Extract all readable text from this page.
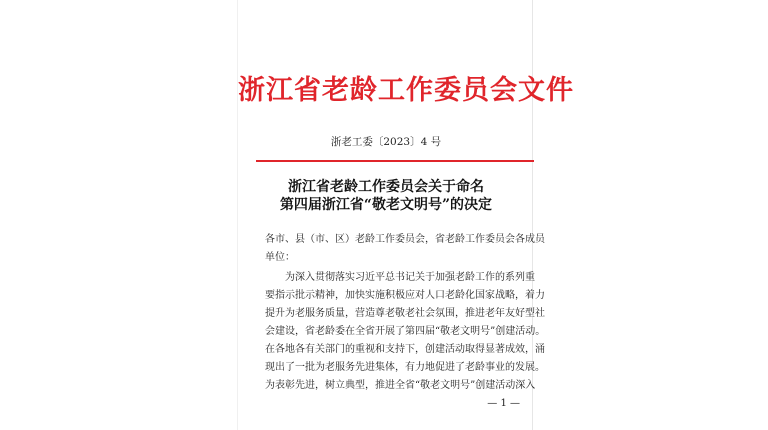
浙江省老龄工作委员会文件
浙老工委〔2023〕4 号
浙江省老龄工作委员会关于命名
第四届浙江省“敬老文明号”的决定
各市、县（市、区）老龄工作委员会，省老龄工作委员会各成员
单位：
　　为深入贯彻落实习近平总书记关于加强老龄工作的系列重
要指示批示精神，加快实施积极应对人口老龄化国家战略，着力
提升为老服务质量，营造尊老敬老社会氛围，推进老年友好型社
会建设，省老龄委在全省开展了第四届“敬老文明号”创建活动。
在各地各有关部门的重视和支持下，创建活动取得显著成效，涌
现出了一批为老服务先进集体，有力地促进了老龄事业的发展。
为表彰先进，树立典型，推进全省“敬老文明号”创建活动深入
— 1 —
